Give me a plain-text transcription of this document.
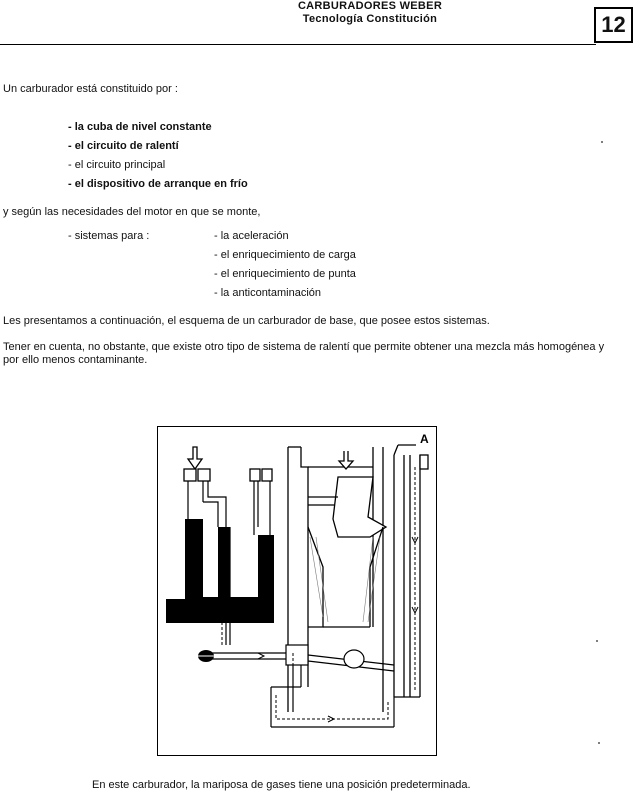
CARBURADORES WEBER
Tecnología Constitución	12
Un carburador está constituido por :
- la cuba de nivel constante
- el circuito de ralentí
- el circuito principal
- el dispositivo de arranque en frío
y según las necesidades del motor en que se monte,
- sistemas para :	- la aceleración
- el enriquecimiento de carga
- el enriquecimiento de punta
- la anticontaminación
Les presentamos a continuación, el esquema de un carburador de base, que posee estos sistemas.
Tener en cuenta, no obstante, que existe otro tipo de sistema de ralentí que permite obtener una mezcla más homogénea y por ello menos contaminante.
A
En este carburador, la mariposa de gases tiene una posición predeterminada.
